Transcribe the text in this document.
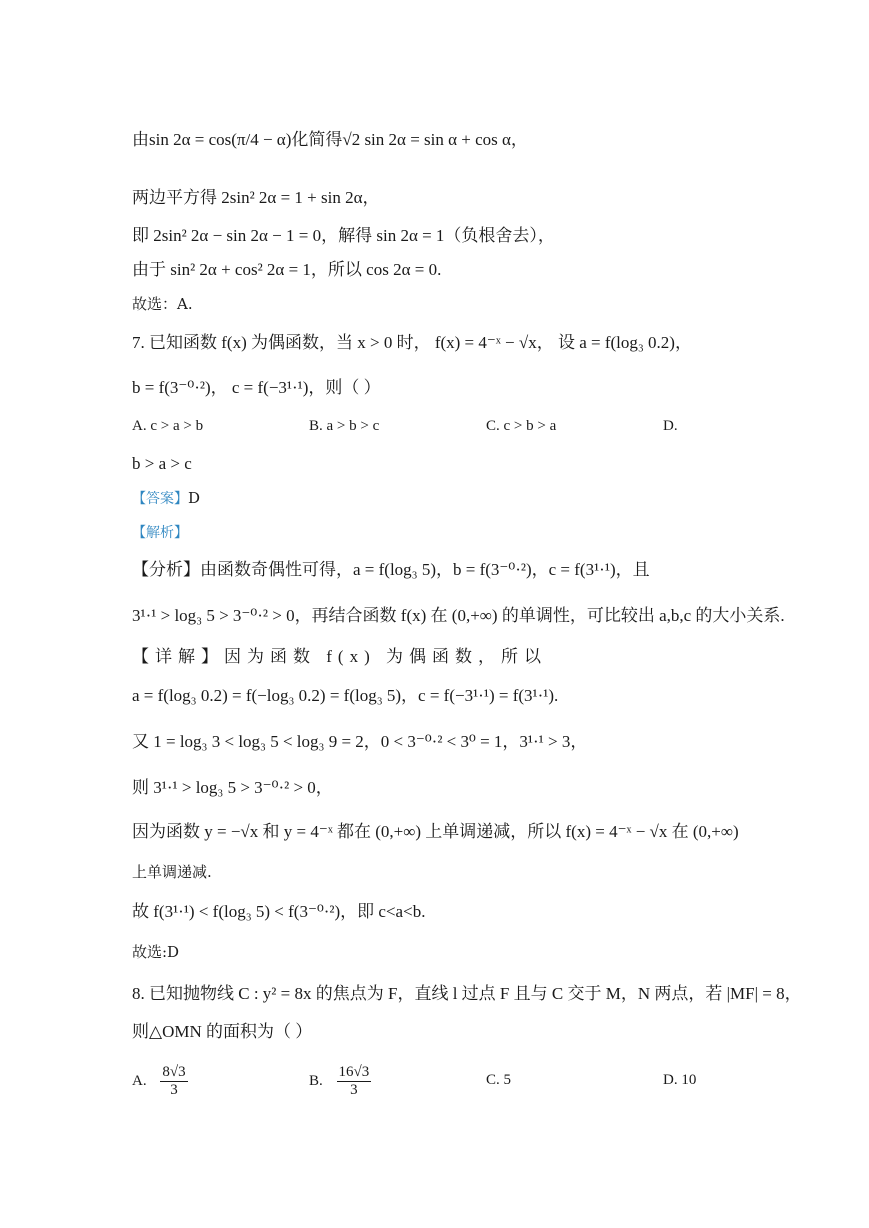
由sin 2α = cos(π/4 − α)化简得√2 sin 2α = sin α + cos α，
两边平方得 2sin² 2α = 1 + sin 2α，
即 2sin² 2α − sin 2α − 1 = 0，解得 sin 2α = 1（负根舍去），
由于 sin² 2α + cos² 2α = 1，所以 cos 2α = 0.
故选：A.
7. 已知函数 f(x) 为偶函数，当 x > 0 时， f(x) = 4⁻ˣ − √x， 设 a = f(log₃ 0.2)，
b = f(3⁻⁰·²)， c = f(−3¹·¹)，则（ ）
A. c > a > b	B. a > b > c	C. c > b > a	D.
b > a > c
【答案】D
【解析】
【分析】由函数奇偶性可得，a = f(log₃ 5)，b = f(3⁻⁰·²)，c = f(3¹·¹)，且
3¹·¹ > log₃ 5 > 3⁻⁰·² > 0，再结合函数 f(x) 在 (0,+∞) 的单调性，可比较出 a,b,c 的大小关系.
【详解】因为函数 f(x) 为偶函数，所以
a = f(log₃ 0.2) = f(−log₃ 0.2) = f(log₃ 5)，c = f(−3¹·¹) = f(3¹·¹).
又 1 = log₃ 3 < log₃ 5 < log₃ 9 = 2，0 < 3⁻⁰·² < 3⁰ = 1，3¹·¹ > 3，
则 3¹·¹ > log₃ 5 > 3⁻⁰·² > 0，
因为函数 y = −√x 和 y = 4⁻ˣ 都在 (0,+∞) 上单调递减，所以 f(x) = 4⁻ˣ − √x 在 (0,+∞)
上单调递减.
故 f(3¹·¹) < f(log₃ 5) < f(3⁻⁰·²)，即 c<a<b.
故选:D
8. 已知抛物线 C : y² = 8x 的焦点为 F，直线 l 过点 F 且与 C 交于 M，N 两点，若 |MF| = 8，
则△OMN 的面积为（ ）
A. $\frac{8√3}{3}$	B. $\frac{16√3}{3}$	C. 5	D. 10
